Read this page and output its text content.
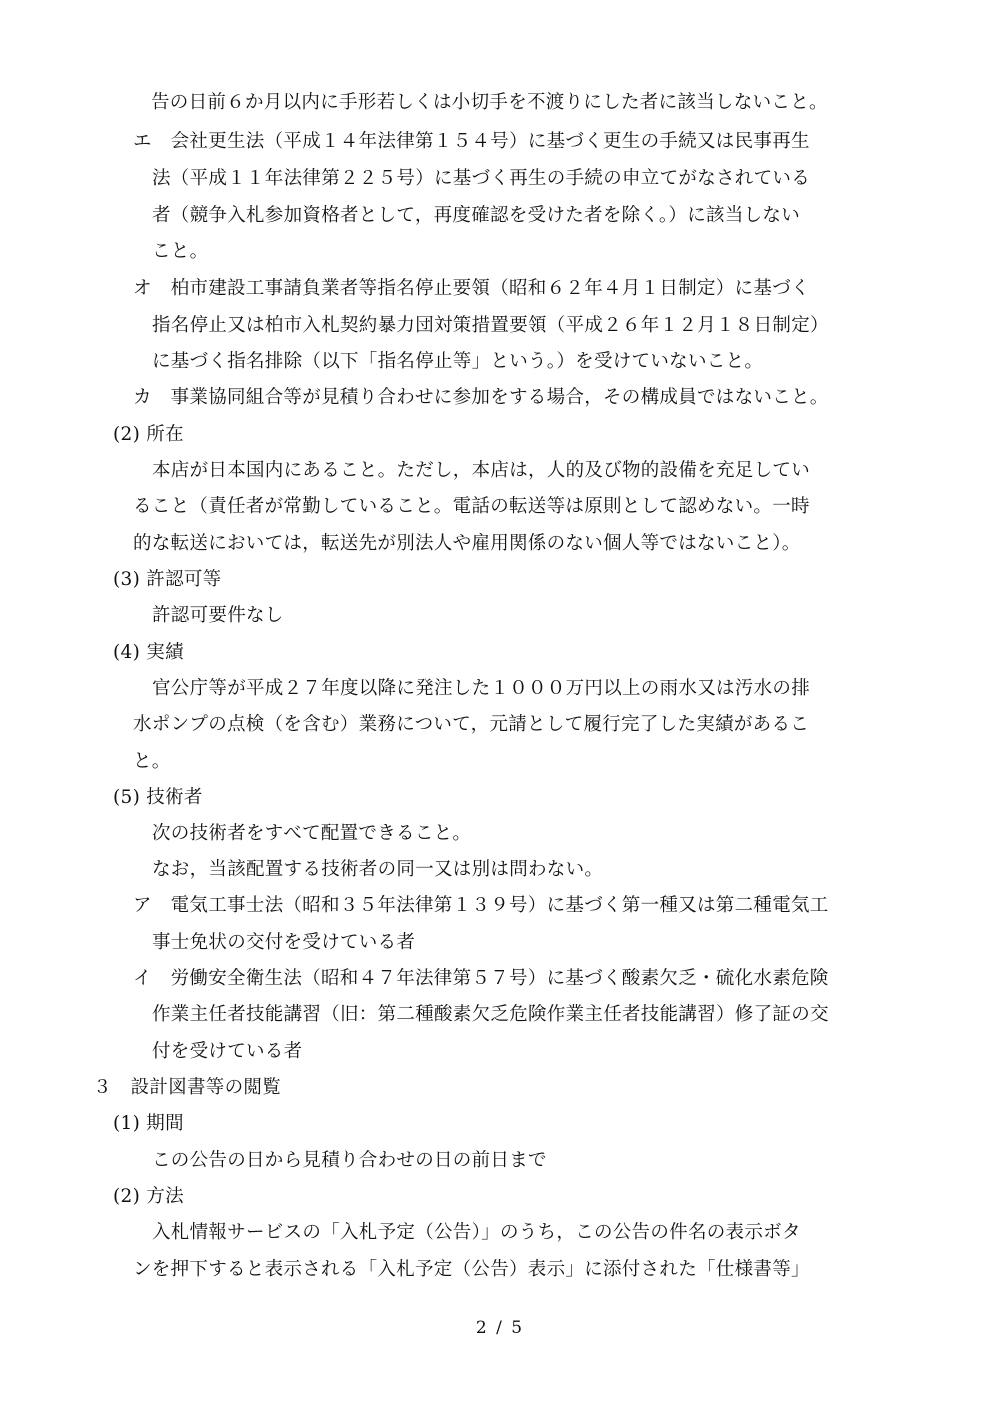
告の日前６か月以内に手形若しくは小切手を不渡りにした者に該当しないこと。
エ　会社更生法（平成１４年法律第１５４号）に基づく更生の手続又は民事再生
法（平成１１年法律第２２５号）に基づく再生の手続の申立てがなされている
者（競争入札参加資格者として，再度確認を受けた者を除く。）に該当しない
こと。
オ　柏市建設工事請負業者等指名停止要領（昭和６２年４月１日制定）に基づく
指名停止又は柏市入札契約暴力団対策措置要領（平成２６年１２月１８日制定）
に基づく指名排除（以下「指名停止等」という。）を受けていないこと。
カ　事業協同組合等が見積り合わせに参加をする場合，その構成員ではないこと。
(2) 所在
本店が日本国内にあること。ただし，本店は，人的及び物的設備を充足してい
ること（責任者が常勤していること。電話の転送等は原則として認めない。一時
的な転送においては，転送先が別法人や雇用関係のない個人等ではないこと）。
(3) 許認可等
許認可要件なし
(4) 実績
官公庁等が平成２７年度以降に発注した１０００万円以上の雨水又は汚水の排
水ポンプの点検（を含む）業務について，元請として履行完了した実績があるこ
と。
(5) 技術者
次の技術者をすべて配置できること。
なお，当該配置する技術者の同一又は別は問わない。
ア　電気工事士法（昭和３５年法律第１３９号）に基づく第一種又は第二種電気工
事士免状の交付を受けている者
イ　労働安全衛生法（昭和４７年法律第５７号）に基づく酸素欠乏・硫化水素危険
作業主任者技能講習（旧：第二種酸素欠乏危険作業主任者技能講習）修了証の交
付を受けている者
３　設計図書等の閲覧
(1) 期間
この公告の日から見積り合わせの日の前日まで
(2) 方法
入札情報サービスの「入札予定（公告）」のうち，この公告の件名の表示ボタ
ンを押下すると表示される「入札予定（公告）表示」に添付された「仕様書等」
2 / 5
